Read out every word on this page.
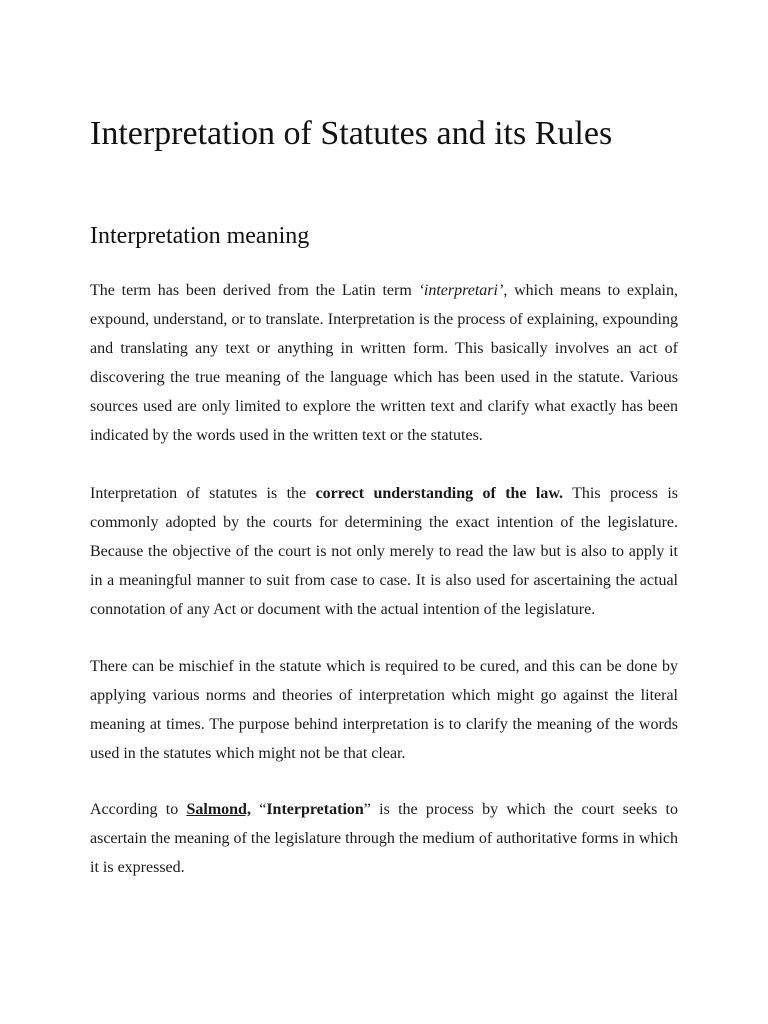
Interpretation of Statutes and its Rules
Interpretation meaning

The term has been derived from the Latin term ‘interpretari’, which means to explain, expound, understand, or to translate. Interpretation is the process of explaining, expounding and translating any text or anything in written form. This basically involves an act of discovering the true meaning of the language which has been used in the statute. Various sources used are only limited to explore the written text and clarify what exactly has been indicated by the words used in the written text or the statutes.

Interpretation of statutes is the correct understanding of the law. This process is commonly adopted by the courts for determining the exact intention of the legislature. Because the objective of the court is not only merely to read the law but is also to apply it in a meaningful manner to suit from case to case. It is also used for ascertaining the actual connotation of any Act or document with the actual intention of the legislature.

There can be mischief in the statute which is required to be cured, and this can be done by applying various norms and theories of interpretation which might go against the literal meaning at times. The purpose behind interpretation is to clarify the meaning of the words used in the statutes which might not be that clear.

According to Salmond, “Interpretation” is the process by which the court seeks to ascertain the meaning of the legislature through the medium of authoritative forms in which it is expressed.
